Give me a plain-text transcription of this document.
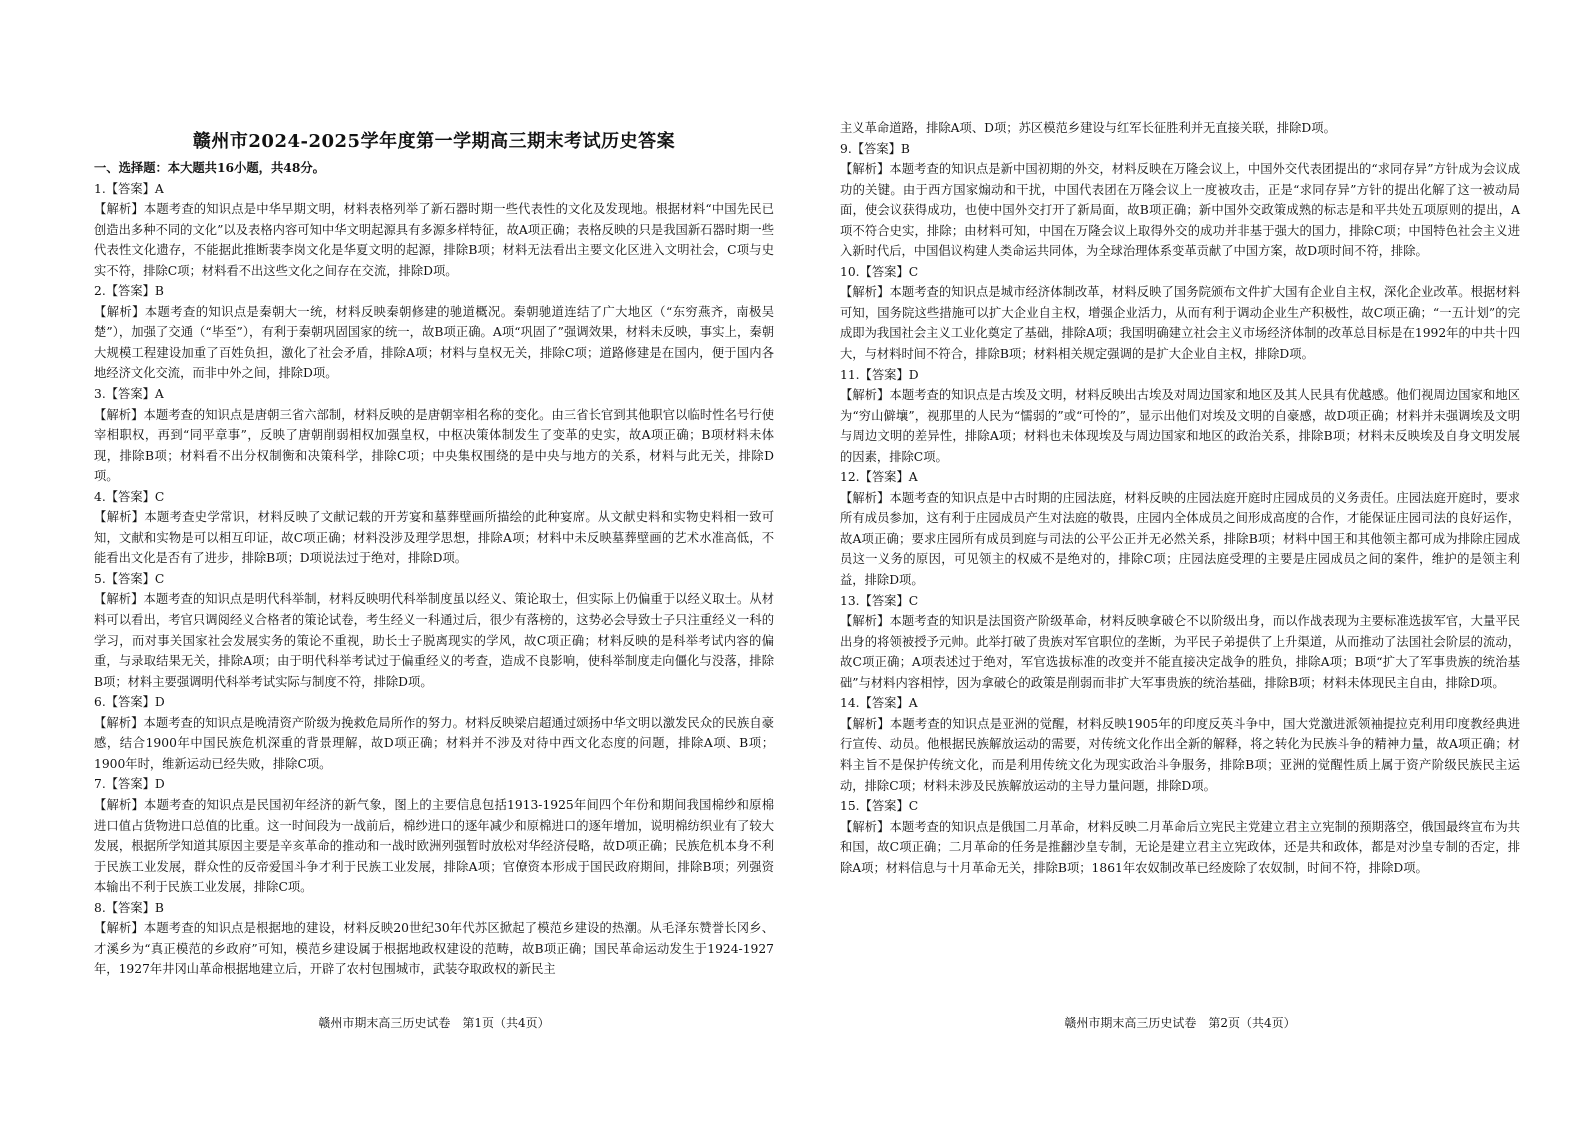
赣州市2024-2025学年度第一学期高三期末考试历史答案
一、选择题：本大题共16小题，共48分。

1.【答案】A

【解析】本题考查的知识点是中华早期文明，材料表格列举了新石器时期一些代表性的文化及发现地。根据材料“中国先民已创造出多种不同的文化”以及表格内容可知中华文明起源具有多源多样特征，故A项正确；表格反映的只是我国新石器时期一些代表性文化遗存，不能据此推断裴李岗文化是华夏文明的起源，排除B项；材料无法看出主要文化区进入文明社会，C项与史实不符，排除C项；材料看不出这些文化之间存在交流，排除D项。

2.【答案】B

【解析】本题考查的知识点是秦朝大一统，材料反映秦朝修建的驰道概况。秦朝驰道连结了广大地区（“东穷燕齐，南极吴楚”），加强了交通（“毕至”），有利于秦朝巩固国家的统一，故B项正确。A项“巩固了”强调效果，材料未反映，事实上，秦朝大规模工程建设加重了百姓负担，激化了社会矛盾，排除A项；材料与皇权无关，排除C项；道路修建是在国内，便于国内各地经济文化交流，而非中外之间，排除D项。

3.【答案】A

【解析】本题考查的知识点是唐朝三省六部制，材料反映的是唐朝宰相名称的变化。由三省长官到其他职官以临时性名号行使宰相职权，再到“同平章事”，反映了唐朝削弱相权加强皇权，中枢决策体制发生了变革的史实，故A项正确；B项材料未体现，排除B项；材料看不出分权制衡和决策科学，排除C项；中央集权围绕的是中央与地方的关系，材料与此无关，排除D项。

4.【答案】C

【解析】本题考查史学常识，材料反映了文献记载的开芳宴和墓葬壁画所描绘的此种宴席。从文献史料和实物史料相一致可知，文献和实物是可以相互印证，故C项正确；材料没涉及理学思想，排除A项；材料中未反映墓葬壁画的艺术水准高低，不能看出文化是否有了进步，排除B项；D项说法过于绝对，排除D项。

5.【答案】C

【解析】本题考查的知识点是明代科举制，材料反映明代科举制度虽以经义、策论取士，但实际上仍偏重于以经义取士。从材料可以看出，考官只调阅经义合格者的策论试卷，考生经义一科通过后，很少有落榜的，这势必会导致士子只注重经义一科的学习，而对事关国家社会发展实务的策论不重视，助长士子脱离现实的学风，故C项正确；材料反映的是科举考试内容的偏重，与录取结果无关，排除A项；由于明代科举考试过于偏重经义的考查，造成不良影响，使科举制度走向僵化与没落，排除B项；材料主要强调明代科举考试实际与制度不符，排除D项。

6.【答案】D

【解析】本题考查的知识点是晚清资产阶级为挽救危局所作的努力。材料反映梁启超通过颂扬中华文明以激发民众的民族自豪感，结合1900年中国民族危机深重的背景理解，故D项正确；材料并不涉及对待中西文化态度的问题，排除A项、B项；1900年时，维新运动已经失败，排除C项。

7.【答案】D

【解析】本题考查的知识点是民国初年经济的新气象，图上的主要信息包括1913-1925年间四个年份和期间我国棉纱和原棉进口值占货物进口总值的比重。这一时间段为一战前后，棉纱进口的逐年减少和原棉进口的逐年增加，说明棉纺织业有了较大发展，根据所学知道其原因主要是辛亥革命的推动和一战时欧洲列强暂时放松对华经济侵略，故D项正确；民族危机本身不利于民族工业发展，群众性的反帝爱国斗争才利于民族工业发展，排除A项；官僚资本形成于国民政府期间，排除B项；列强资本输出不利于民族工业发展，排除C项。

8.【答案】B

【解析】本题考查的知识点是根据地的建设，材料反映20世纪30年代苏区掀起了模范乡建设的热潮。从毛泽东赞誉长冈乡、才溪乡为“真正模范的乡政府”可知，模范乡建设属于根据地政权建设的范畴，故B项正确；国民革命运动发生于1924-1927年，1927年井冈山革命根据地建立后，开辟了农村包围城市，武装夺取政权的新民主

主义革命道路，排除A项、D项；苏区模范乡建设与红军长征胜利并无直接关联，排除D项。

9.【答案】B

【解析】本题考查的知识点是新中国初期的外交，材料反映在万隆会议上，中国外交代表团提出的“求同存异”方针成为会议成功的关键。由于西方国家煽动和干扰，中国代表团在万隆会议上一度被攻击，正是“求同存异”方针的提出化解了这一被动局面，使会议获得成功，也使中国外交打开了新局面，故B项正确；新中国外交政策成熟的标志是和平共处五项原则的提出，A项不符合史实，排除；由材料可知，中国在万隆会议上取得外交的成功并非基于强大的国力，排除C项；中国特色社会主义进入新时代后，中国倡议构建人类命运共同体，为全球治理体系变革贡献了中国方案，故D项时间不符，排除。

10.【答案】C

【解析】本题考查的知识点是城市经济体制改革，材料反映了国务院颁布文件扩大国有企业自主权，深化企业改革。根据材料可知，国务院这些措施可以扩大企业自主权，增强企业活力，从而有利于调动企业生产积极性，故C项正确；“一五计划”的完成即为我国社会主义工业化奠定了基础，排除A项；我国明确建立社会主义市场经济体制的改革总目标是在1992年的中共十四大，与材料时间不符合，排除B项；材料相关规定强调的是扩大企业自主权，排除D项。

11.【答案】D

【解析】本题考查的知识点是古埃及文明，材料反映出古埃及对周边国家和地区及其人民具有优越感。他们视周边国家和地区为“穷山僻壤”，视那里的人民为“懦弱的”或“可怜的”，显示出他们对埃及文明的自豪感，故D项正确；材料并未强调埃及文明与周边文明的差异性，排除A项；材料也未体现埃及与周边国家和地区的政治关系，排除B项；材料未反映埃及自身文明发展的因素，排除C项。

12.【答案】A

【解析】本题考查的知识点是中古时期的庄园法庭，材料反映的庄园法庭开庭时庄园成员的义务责任。庄园法庭开庭时，要求所有成员参加，这有利于庄园成员产生对法庭的敬畏，庄园内全体成员之间形成高度的合作，才能保证庄园司法的良好运作，故A项正确；要求庄园所有成员到庭与司法的公平公正并无必然关系，排除B项；材料中国王和其他领主都可成为排除庄园成员这一义务的原因，可见领主的权威不是绝对的，排除C项；庄园法庭受理的主要是庄园成员之间的案件，维护的是领主利益，排除D项。

13.【答案】C

【解析】本题考查的知识是法国资产阶级革命，材料反映拿破仑不以阶级出身，而以作战表现为主要标准选拔军官，大量平民出身的将领被授予元帅。此举打破了贵族对军官职位的垄断，为平民子弟提供了上升渠道，从而推动了法国社会阶层的流动，故C项正确；A项表述过于绝对，军官选拔标准的改变并不能直接决定战争的胜负，排除A项；B项“扩大了军事贵族的统治基础”与材料内容相悖，因为拿破仑的政策是削弱而非扩大军事贵族的统治基础，排除B项；材料未体现民主自由，排除D项。

14.【答案】A

【解析】本题考查的知识点是亚洲的觉醒，材料反映1905年的印度反英斗争中，国大党激进派领袖提拉克利用印度教经典进行宣传、动员。他根据民族解放运动的需要，对传统文化作出全新的解释，将之转化为民族斗争的精神力量，故A项正确；材料主旨不是保护传统文化，而是利用传统文化为现实政治斗争服务，排除B项；亚洲的觉醒性质上属于资产阶级民族民主运动，排除C项；材料未涉及民族解放运动的主导力量问题，排除D项。

15.【答案】C

【解析】本题考查的知识点是俄国二月革命，材料反映二月革命后立宪民主党建立君主立宪制的预期落空，俄国最终宣布为共和国，故C项正确；二月革命的任务是推翻沙皇专制，无论是建立君主立宪政体，还是共和政体，都是对沙皇专制的否定，排除A项；材料信息与十月革命无关，排除B项；1861年农奴制改革已经废除了农奴制，时间不符，排除D项。

赣州市期末高三历史试卷　第1页（共4页）	赣州市期末高三历史试卷　第2页（共4页）
